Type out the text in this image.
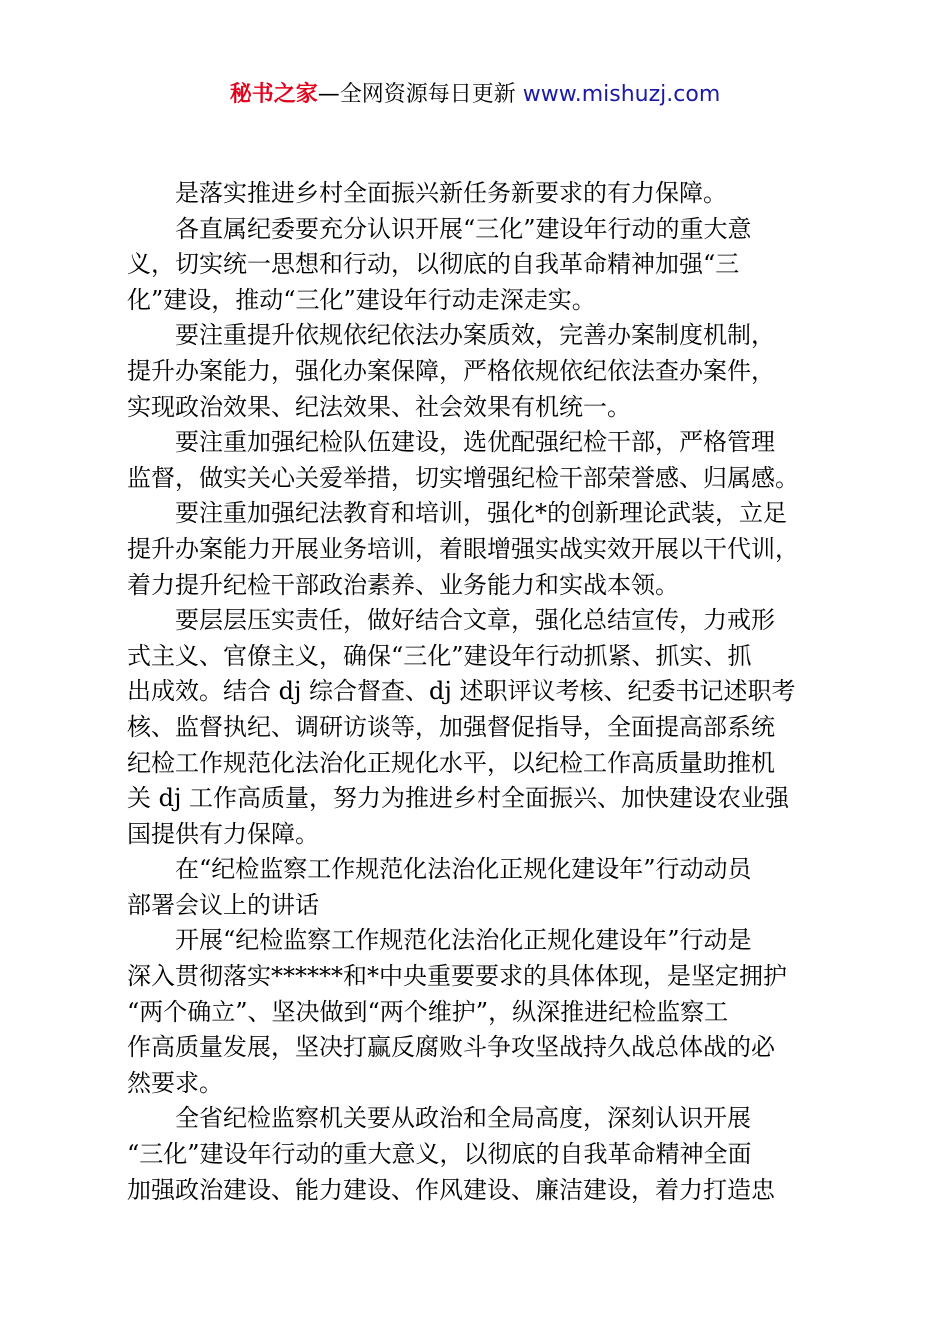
秘书之家—全网资源每日更新 www.mishuzj.com
是落实推进乡村全面振兴新任务新要求的有力保障。
各直属纪委要充分认识开展“三化”建设年行动的重大意
义，切实统一思想和行动，以彻底的自我革命精神加强“三
化”建设，推动“三化”建设年行动走深走实。
要注重提升依规依纪依法办案质效，完善办案制度机制，
提升办案能力，强化办案保障，严格依规依纪依法查办案件，
实现政治效果、纪法效果、社会效果有机统一。
要注重加强纪检队伍建设，选优配强纪检干部，严格管理
监督，做实关心关爱举措，切实增强纪检干部荣誉感、归属感。
要注重加强纪法教育和培训，强化*的创新理论武装，立足
提升办案能力开展业务培训，着眼增强实战实效开展以干代训，
着力提升纪检干部政治素养、业务能力和实战本领。
要层层压实责任，做好结合文章，强化总结宣传，力戒形
式主义、官僚主义，确保“三化”建设年行动抓紧、抓实、抓
出成效。结合 dj 综合督查、dj 述职评议考核、纪委书记述职考
核、监督执纪、调研访谈等，加强督促指导，全面提高部系统
纪检工作规范化法治化正规化水平，以纪检工作高质量助推机
关 dj 工作高质量，努力为推进乡村全面振兴、加快建设农业强
国提供有力保障。
在“纪检监察工作规范化法治化正规化建设年”行动动员
部署会议上的讲话
开展“纪检监察工作规范化法治化正规化建设年”行动是
深入贯彻落实******和*中央重要要求的具体体现，是坚定拥护
“两个确立”、坚决做到“两个维护”，纵深推进纪检监察工
作高质量发展，坚决打赢反腐败斗争攻坚战持久战总体战的必
然要求。
全省纪检监察机关要从政治和全局高度，深刻认识开展
“三化”建设年行动的重大意义，以彻底的自我革命精神全面
加强政治建设、能力建设、作风建设、廉洁建设，着力打造忠
